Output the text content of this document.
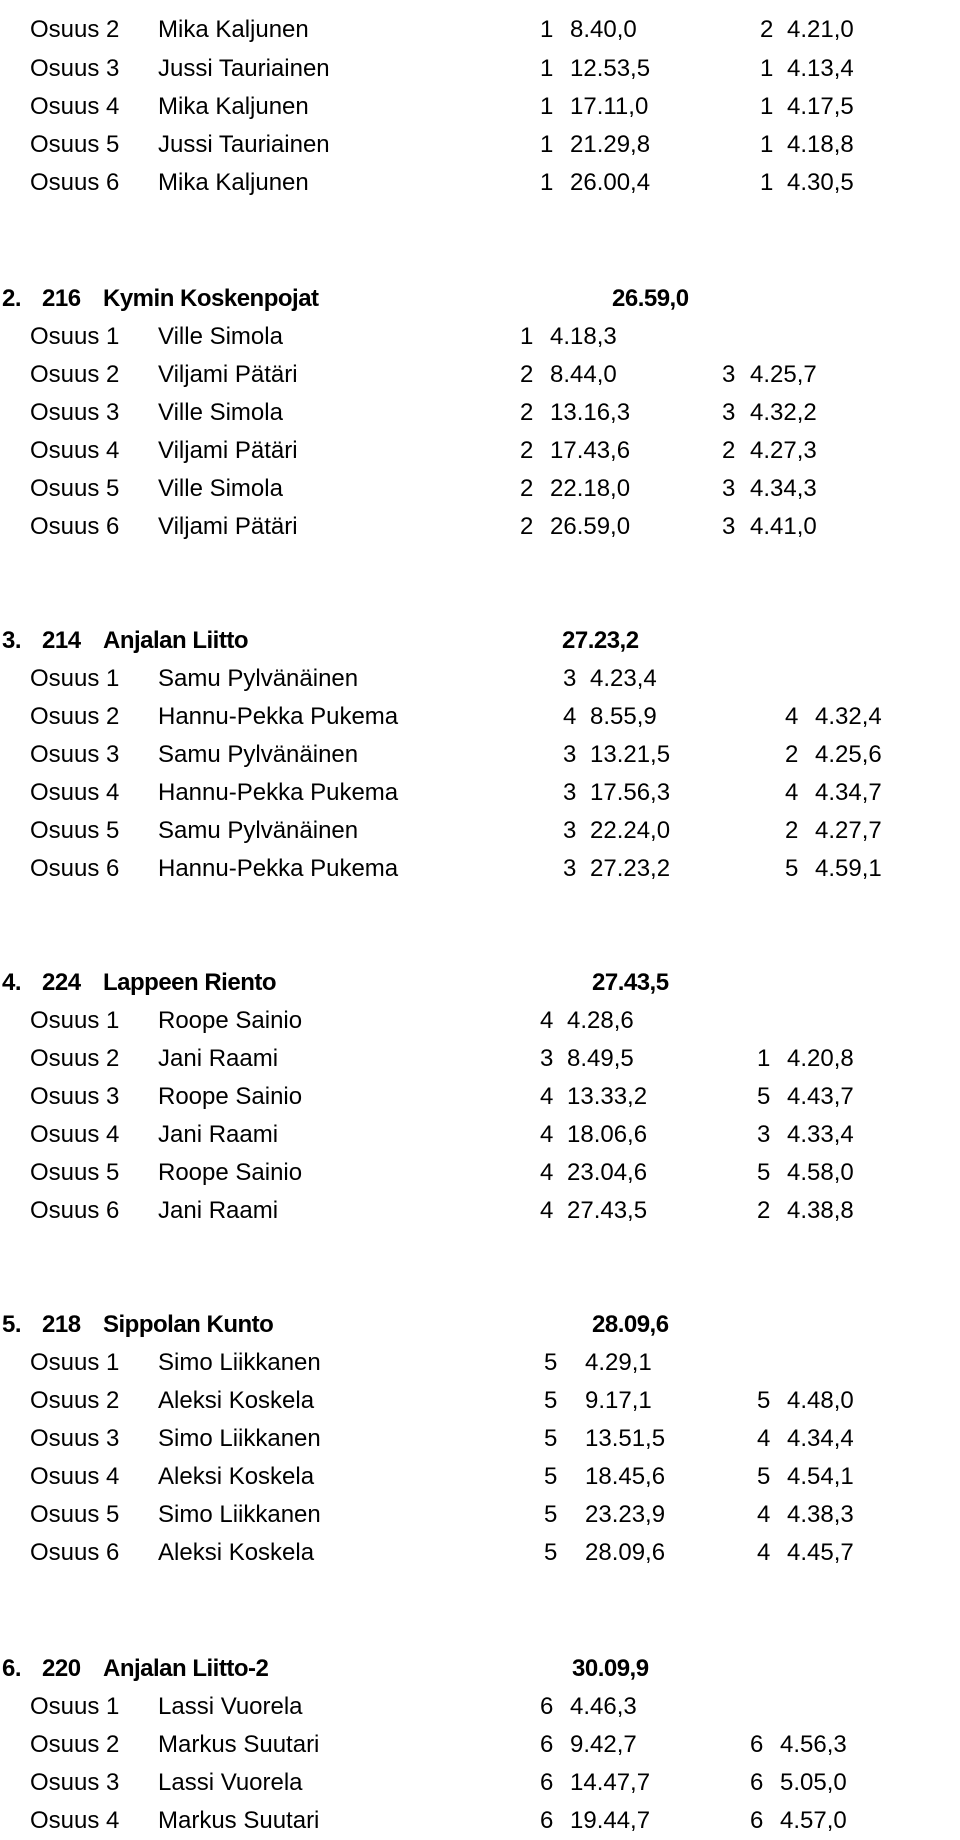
Osuus 2 Mika Kaljunen	1 8.40,0	2 4.21,0
Osuus 3 Jussi Tauriainen	1 12.53,5	1 4.13,4
Osuus 4 Mika Kaljunen	1 17.11,0	1 4.17,5
Osuus 5 Jussi Tauriainen	1 21.29,8	1 4.18,8
Osuus 6 Mika Kaljunen	1 26.00,4	1 4.30,5
2. 216 Kymin Koskenpojat	26.59,0
Osuus 1 Ville Simola	1 4.18,3
Osuus 2 Viljami Pätäri	2 8.44,0	3 4.25,7
Osuus 3 Ville Simola	2 13.16,3	3 4.32,2
Osuus 4 Viljami Pätäri	2 17.43,6	2 4.27,3
Osuus 5 Ville Simola	2 22.18,0	3 4.34,3
Osuus 6 Viljami Pätäri	2 26.59,0	3 4.41,0
3. 214 Anjalan Liitto	27.23,2
Osuus 1 Samu Pylvänäinen	3 4.23,4
Osuus 2 Hannu-Pekka Pukema	4 8.55,9	4 4.32,4
Osuus 3 Samu Pylvänäinen	3 13.21,5	2 4.25,6
Osuus 4 Hannu-Pekka Pukema	3 17.56,3	4 4.34,7
Osuus 5 Samu Pylvänäinen	3 22.24,0	2 4.27,7
Osuus 6 Hannu-Pekka Pukema	3 27.23,2	5 4.59,1
4. 224 Lappeen Riento	27.43,5
Osuus 1 Roope Sainio	4 4.28,6
Osuus 2 Jani Raami	3 8.49,5	1 4.20,8
Osuus 3 Roope Sainio	4 13.33,2	5 4.43,7
Osuus 4 Jani Raami	4 18.06,6	3 4.33,4
Osuus 5 Roope Sainio	4 23.04,6	5 4.58,0
Osuus 6 Jani Raami	4 27.43,5	2 4.38,8
5. 218 Sippolan Kunto	28.09,6
Osuus 1 Simo Liikkanen	5 4.29,1
Osuus 2 Aleksi Koskela	5 9.17,1	5 4.48,0
Osuus 3 Simo Liikkanen	5 13.51,5	4 4.34,4
Osuus 4 Aleksi Koskela	5 18.45,6	5 4.54,1
Osuus 5 Simo Liikkanen	5 23.23,9	4 4.38,3
Osuus 6 Aleksi Koskela	5 28.09,6	4 4.45,7
6. 220 Anjalan Liitto-2	30.09,9
Osuus 1 Lassi Vuorela	6 4.46,3
Osuus 2 Markus Suutari	6 9.42,7	6 4.56,3
Osuus 3 Lassi Vuorela	6 14.47,7	6 5.05,0
Osuus 4 Markus Suutari	6 19.44,7	6 4.57,0
